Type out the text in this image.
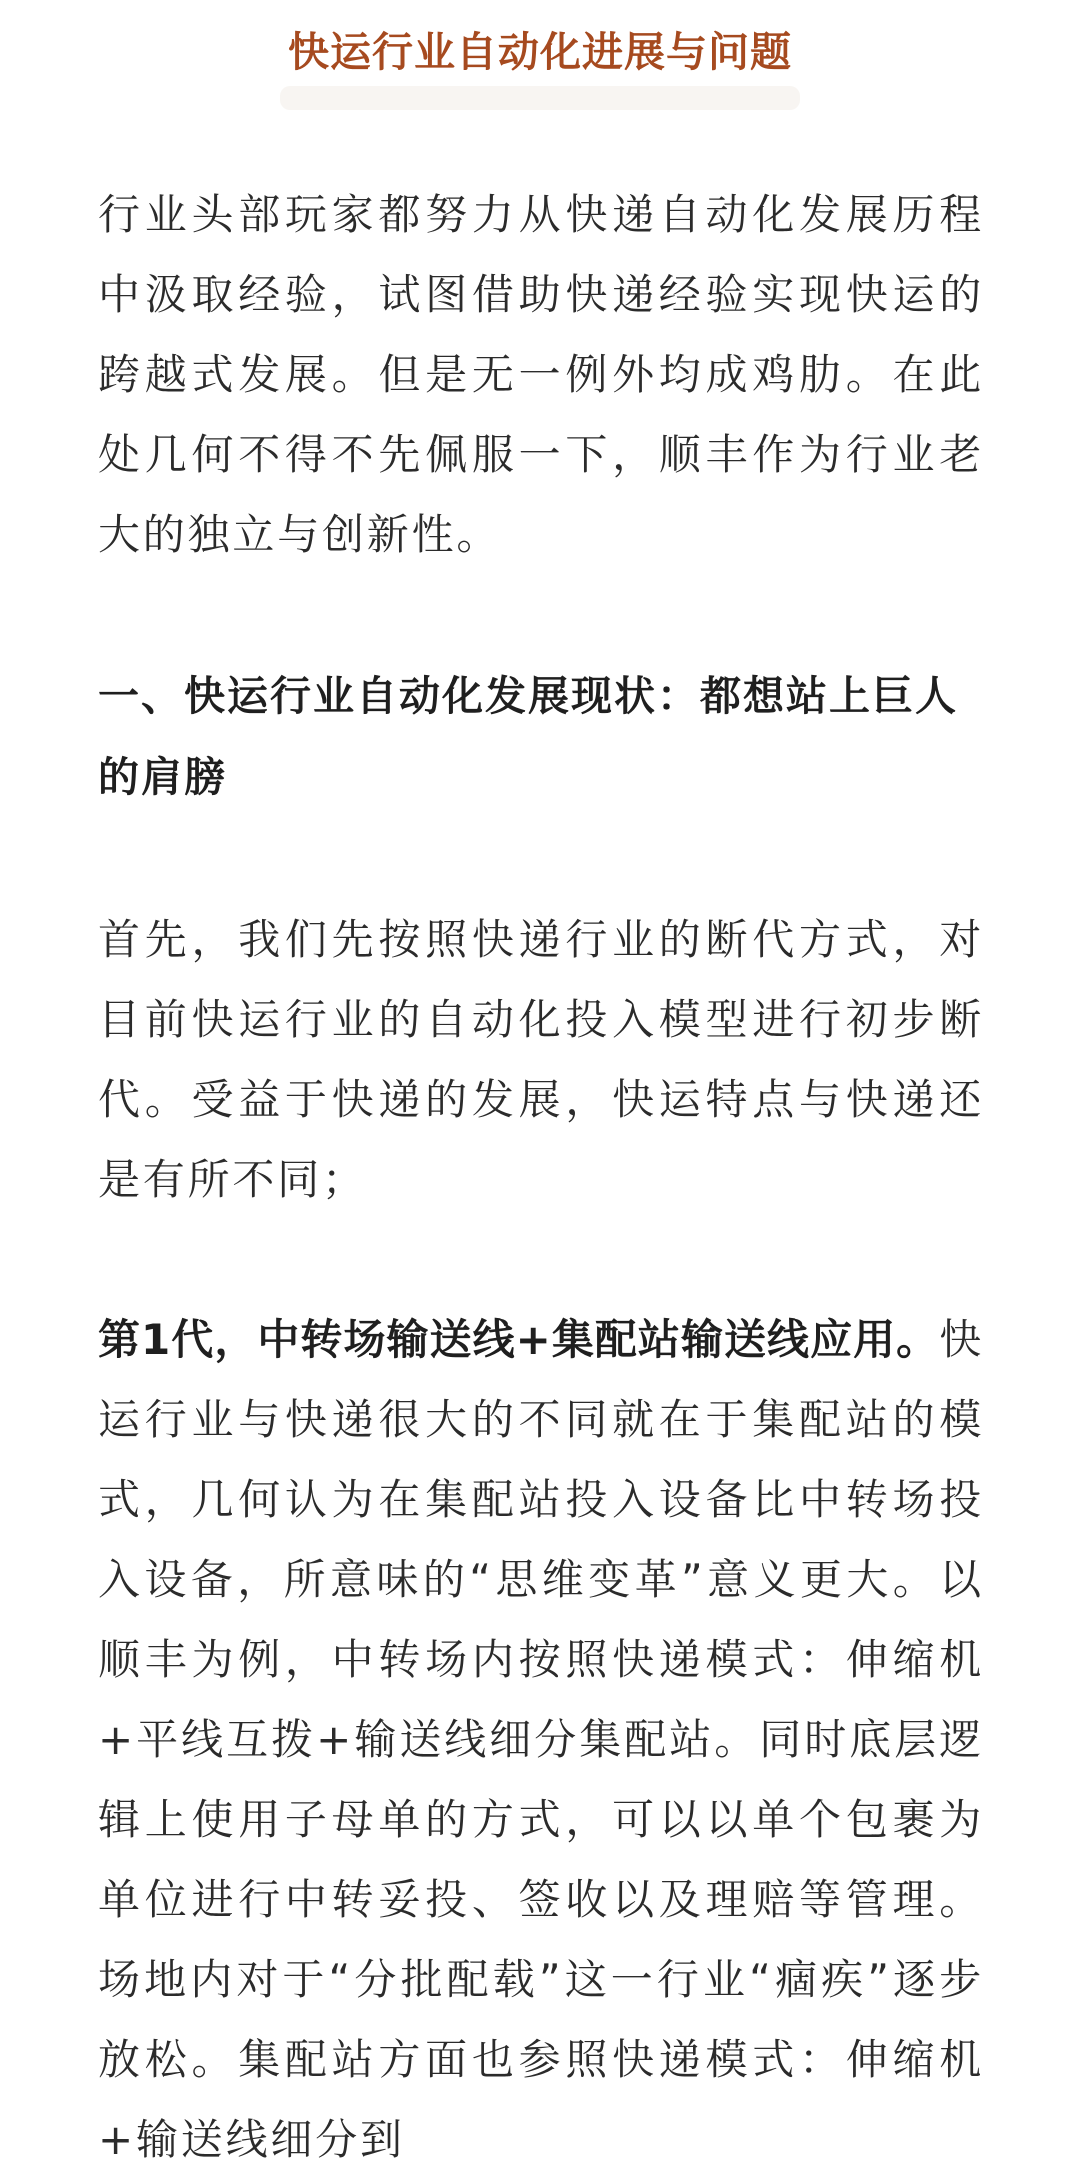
快运行业自动化进展与问题

行业头部玩家都努力从快递自动化发展历程中汲取经验，试图借助快递经验实现快运的跨越式发展。但是无一例外均成鸡肋。在此处几何不得不先佩服一下，顺丰作为行业老大的独立与创新性。

一、快运行业自动化发展现状：都想站上巨人的肩膀

首先，我们先按照快递行业的断代方式，对目前快运行业的自动化投入模型进行初步断代。受益于快递的发展，快运特点与快递还是有所不同；

第1代，中转场输送线+集配站输送线应用。快运行业与快递很大的不同就在于集配站的模式，几何认为在集配站投入设备比中转场投入设备，所意味的“思维变革”意义更大。以顺丰为例，中转场内按照快递模式：伸缩机+平线互拨+输送线细分集配站。同时底层逻辑上使用子母单的方式，可以以单个包裹为单位进行中转妥投、签收以及理赔等管理。场地内对于“分批配载”这一行业“痼疾”逐步放松。集配站方面也参照快递模式：伸缩机+输送线细分到
